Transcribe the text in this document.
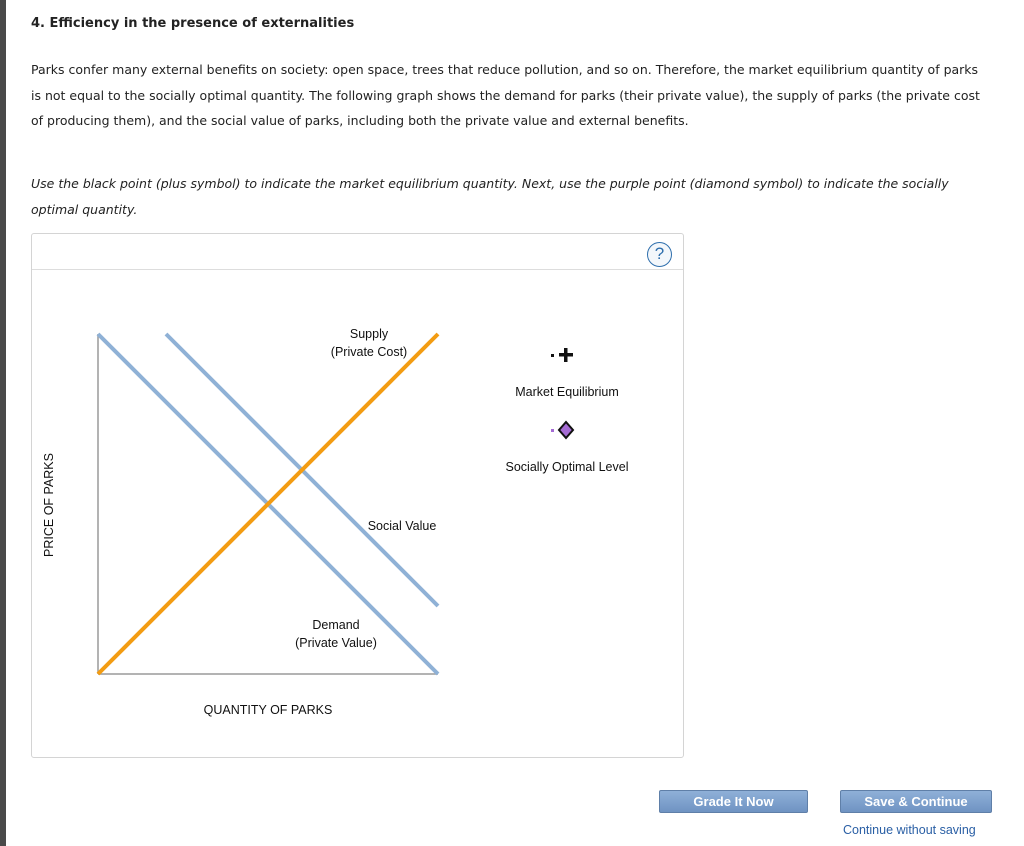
4. Efficiency in the presence of externalities

Parks confer many external benefits on society: open space, trees that reduce pollution, and so on. Therefore, the market equilibrium quantity of parks is not equal to the socially optimal quantity. The following graph shows the demand for parks (their private value), the supply of parks (the private cost of producing them), and the social value of parks, including both the private value and external benefits.

Use the black point (plus symbol) to indicate the market equilibrium quantity. Next, use the purple point (diamond symbol) to indicate the socially optimal quantity.

?
Supply
(Private Cost)
Social Value
Demand
(Private Value)
PRICE OF PARKS
QUANTITY OF PARKS
Market Equilibrium
Socially Optimal Level
Grade It Now	Save & Continue
Continue without saving
